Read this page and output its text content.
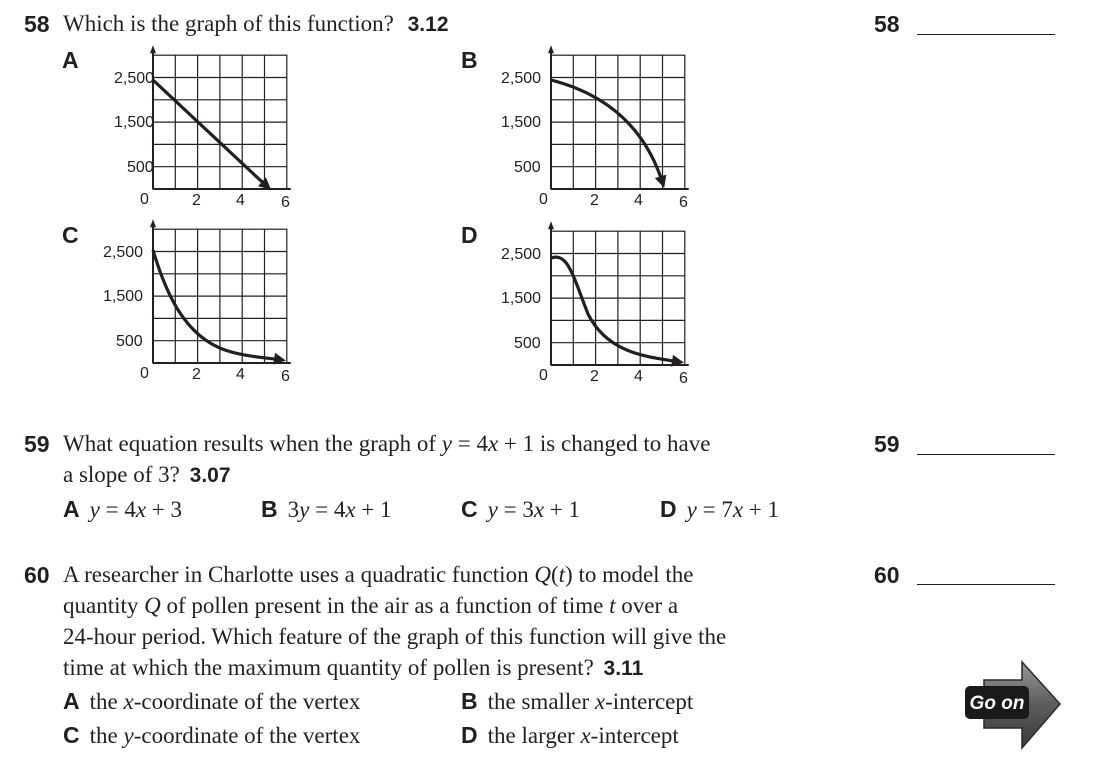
58 Which is the graph of this function? 3.12	58
A
2,500
1,500
500
0	2 4 6
B
2,500
1,500
500
0	2 4 6
C
2,500
1,500
500
0	2 4 6
D
2,500
1,500
500
0	2 4 6
59 What equation results when the graph of y = 4x + 1 is changed to have
a slope of 3? 3.07
59
A y = 4x + 3	B 3y = 4x + 1	C y = 3x + 1	D y = 7x + 1
60 A researcher in Charlotte uses a quadratic function Q(t) to model the
quantity Q of pollen present in the air as a function of time t over a
24-hour period. Which feature of the graph of this function will give the
time at which the maximum quantity of pollen is present? 3.11
60
A the x-coordinate of the vertex	B the smaller x-intercept
C the y-coordinate of the vertex	D the larger x-intercept
Go on
